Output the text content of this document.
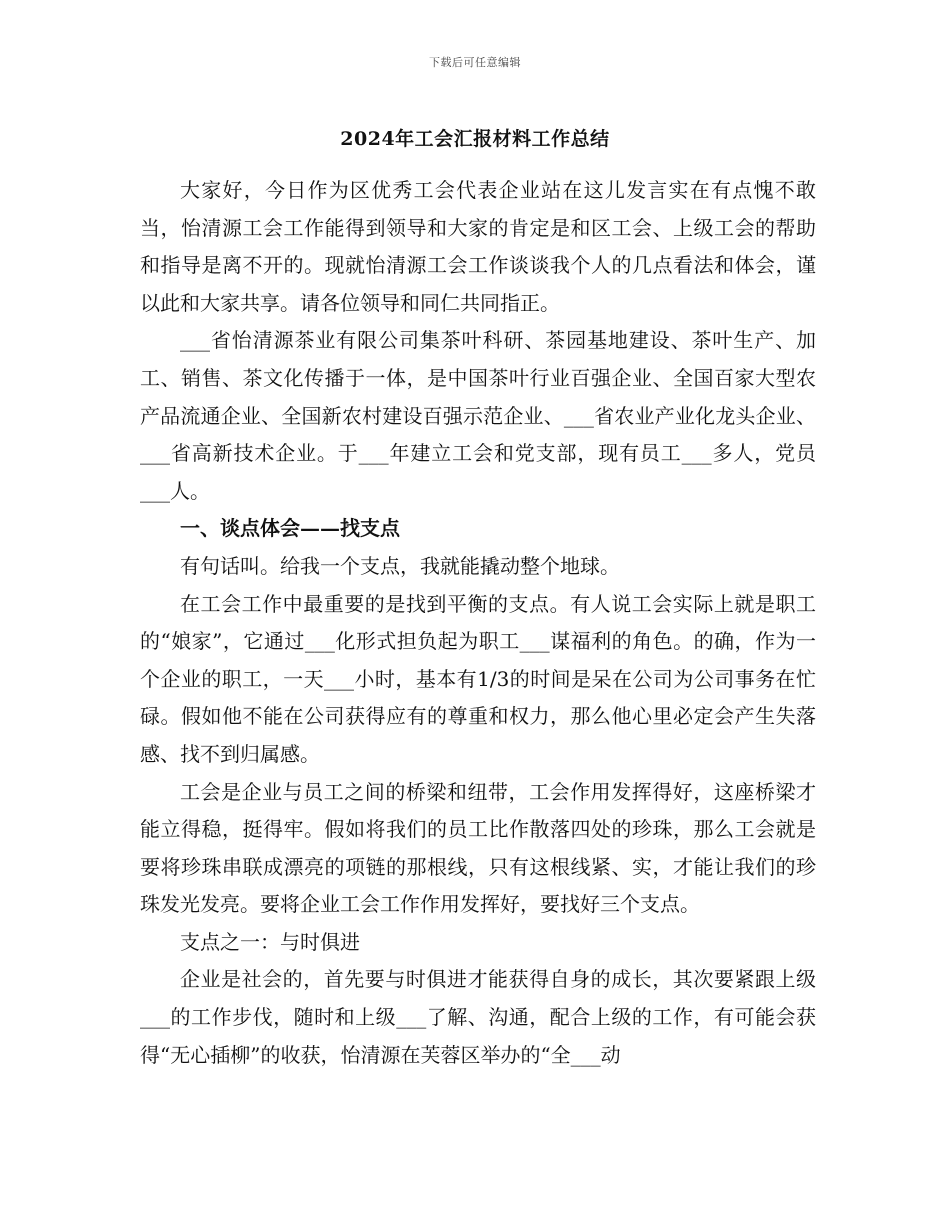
下载后可任意编辑
2024年工会汇报材料工作总结

大家好，今日作为区优秀工会代表企业站在这儿发言实在有点愧不敢当，怡清源工会工作能得到领导和大家的肯定是和区工会、上级工会的帮助和指导是离不开的。现就怡清源工会工作谈谈我个人的几点看法和体会，谨以此和大家共享。请各位领导和同仁共同指正。

___省怡清源茶业有限公司集茶叶科研、茶园基地建设、茶叶生产、加工、销售、茶文化传播于一体，是中国茶叶行业百强企业、全国百家大型农产品流通企业、全国新农村建设百强示范企业、___省农业产业化龙头企业、___省高新技术企业。于___年建立工会和党支部，现有员工___多人，党员___人。

一、谈点体会——找支点

有句话叫。给我一个支点，我就能撬动整个地球。

在工会工作中最重要的是找到平衡的支点。有人说工会实际上就是职工的“娘家”，它通过___化形式担负起为职工___谋福利的角色。的确，作为一个企业的职工，一天___小时，基本有1/3的时间是呆在公司为公司事务在忙碌。假如他不能在公司获得应有的尊重和权力，那么他心里必定会产生失落感、找不到归属感。

工会是企业与员工之间的桥梁和纽带，工会作用发挥得好，这座桥梁才能立得稳，挺得牢。假如将我们的员工比作散落四处的珍珠，那么工会就是要将珍珠串联成漂亮的项链的那根线，只有这根线紧、实，才能让我们的珍珠发光发亮。要将企业工会工作作用发挥好，要找好三个支点。

支点之一：与时俱进

企业是社会的，首先要与时俱进才能获得自身的成长，其次要紧跟上级___的工作步伐，随时和上级___了解、沟通，配合上级的工作，有可能会获得“无心插柳”的收获，怡清源在芙蓉区举办的“全___动
